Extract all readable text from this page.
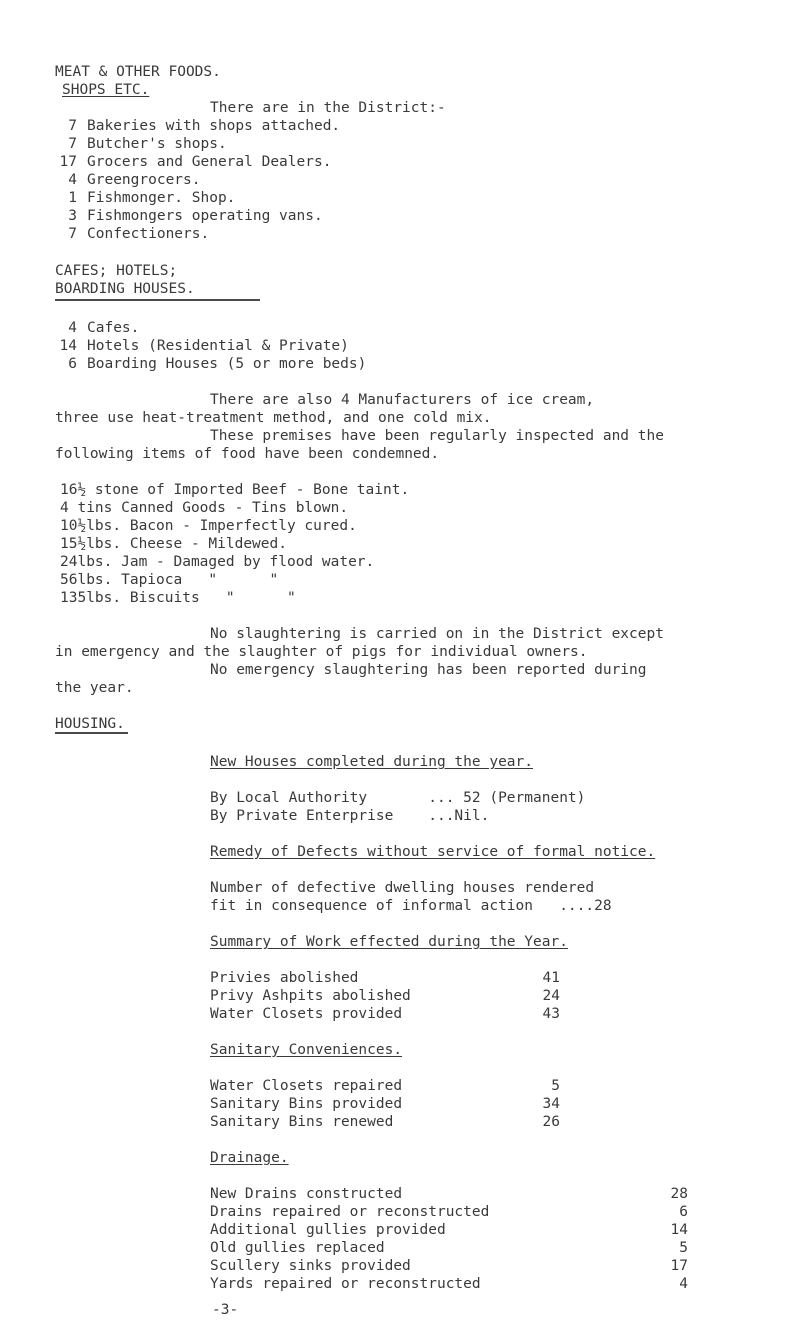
MEAT & OTHER FOODS.
SHOPS ETC.
There are in the District:-
7 Bakeries with shops attached.
7 Butcher's shops.
17 Grocers and General Dealers.
4 Greengrocers.
1 Fishmonger. Shop.
3 Fishmongers operating vans.
7 Confectioners.
CAFES; HOTELS;
BOARDING HOUSES.
4 Cafes.
14 Hotels (Residential & Private)
6 Boarding Houses (5 or more beds)
There are also 4 Manufacturers of ice cream,
three use heat-treatment method, and one cold mix.
These premises have been regularly inspected and the
following items of food have been condemned.
16½ stone of Imported Beef - Bone taint.
4 tins Canned Goods - Tins blown.
10½lbs. Bacon - Imperfectly cured.
15½lbs. Cheese - Mildewed.
24lbs. Jam - Damaged by flood water.
56lbs. Tapioca   "      "
135lbs. Biscuits   "      "
No slaughtering is carried on in the District except
in emergency and the slaughter of pigs for individual owners.
No emergency slaughtering has been reported during
the year.
HOUSING.
New Houses completed during the year.
By Local Authority       ... 52 (Permanent)
By Private Enterprise    ...Nil.
Remedy of Defects without service of formal notice.
Number of defective dwelling houses rendered
fit in consequence of informal action   ....28
Summary of Work effected during the Year.
Privies abolished	41
Privy Ashpits abolished	24
Water Closets provided	43
Sanitary Conveniences.
Water Closets repaired	5
Sanitary Bins provided	34
Sanitary Bins renewed	26
Drainage.
New Drains constructed	28
Drains repaired or reconstructed	6
Additional gullies provided	14
Old gullies replaced	5
Scullery sinks provided	17
Yards repaired or reconstructed	4
-3-
